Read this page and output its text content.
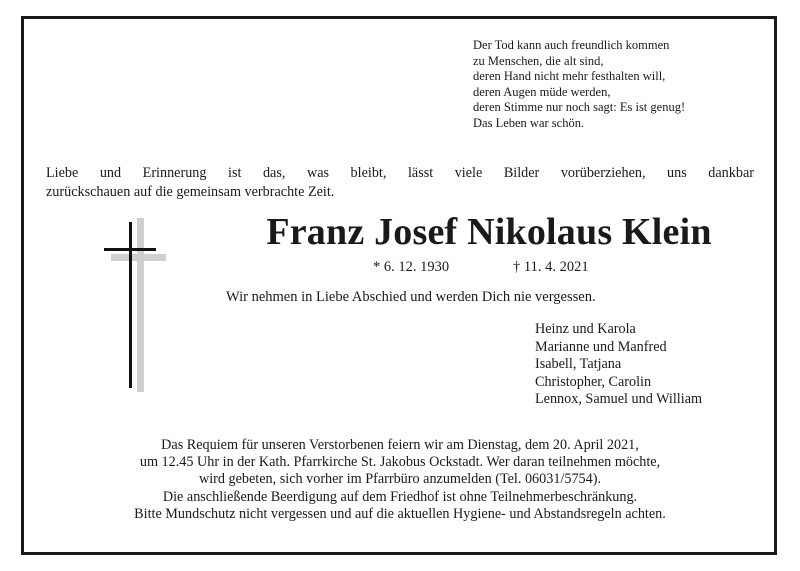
Der Tod kann auch freundlich kommen
zu Menschen, die alt sind,
deren Hand nicht mehr festhalten will,
deren Augen müde werden,
deren Stimme nur noch sagt: Es ist genug!
Das Leben war schön.
Liebe und Erinnerung ist das, was bleibt, lässt viele Bilder vorüberziehen, uns dankbar
zurückschauen auf die gemeinsam verbrachte Zeit.
Franz Josef Nikolaus Klein
* 6. 12. 1930	† 11. 4. 2021
Wir nehmen in Liebe Abschied und werden Dich nie vergessen.
Heinz und Karola
Marianne und Manfred
Isabell, Tatjana
Christopher, Carolin
Lennox, Samuel und William
Das Requiem für unseren Verstorbenen feiern wir am Dienstag, dem 20. April 2021,
um 12.45 Uhr in der Kath. Pfarrkirche St. Jakobus Ockstadt. Wer daran teilnehmen möchte,
wird gebeten, sich vorher im Pfarrbüro anzumelden (Tel. 06031/5754).
Die anschließende Beerdigung auf dem Friedhof ist ohne Teilnehmerbeschränkung.
Bitte Mundschutz nicht vergessen und auf die aktuellen Hygiene- und Abstandsregeln achten.
